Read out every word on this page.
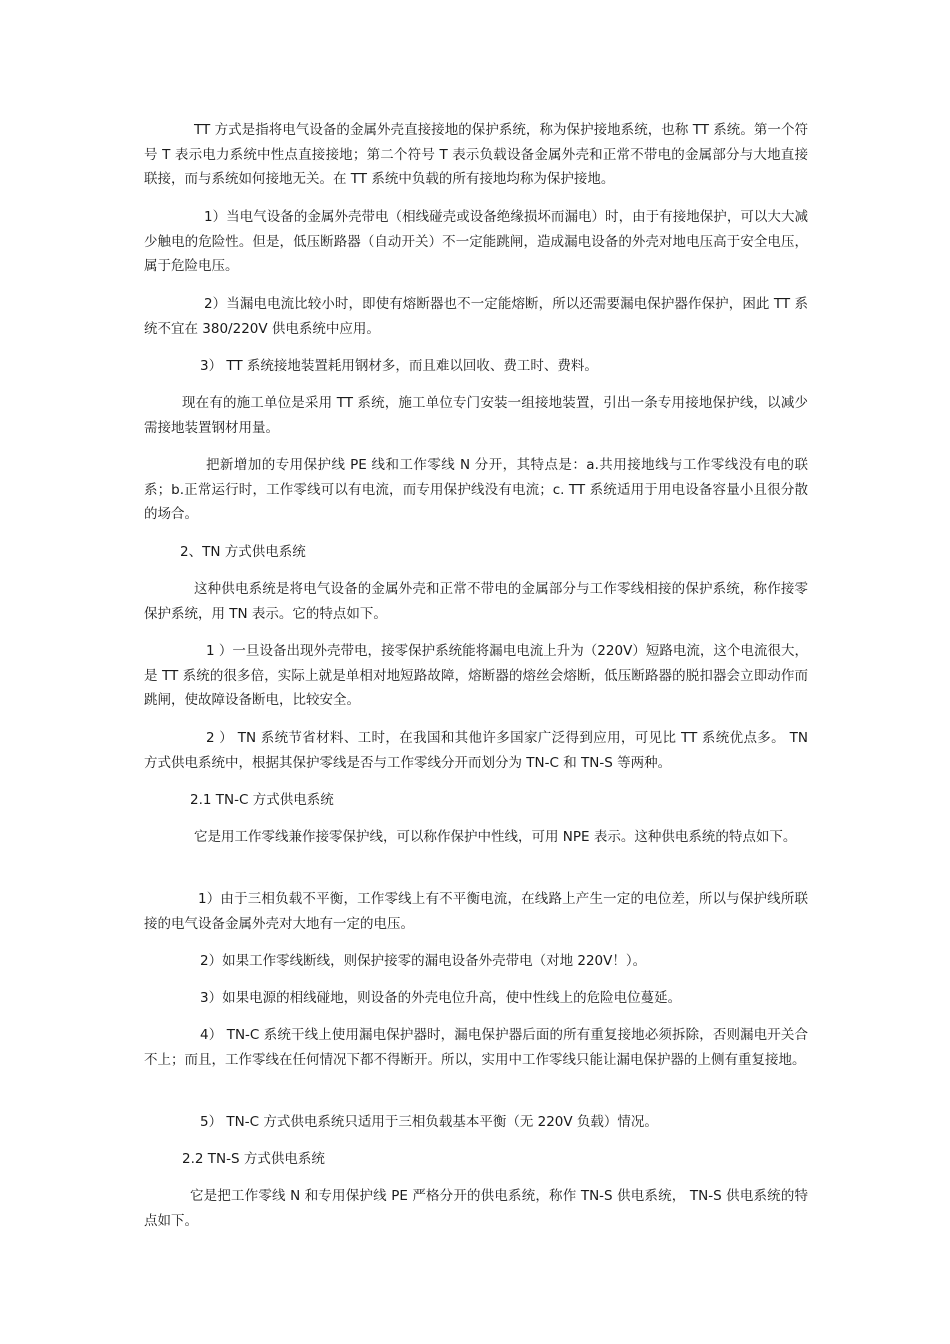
TT 方式是指将电气设备的金属外壳直接接地的保护系统，称为保护接地系统，也称 TT 系统。第一个符号 T 表示电力系统中性点直接接地；第二个符号 T 表示负载设备金属外壳和正常不带电的金属部分与大地直接联接，而与系统如何接地无关。在 TT 系统中负载的所有接地均称为保护接地。

1）当电气设备的金属外壳带电（相线碰壳或设备绝缘损坏而漏电）时，由于有接地保护，可以大大减少触电的危险性。但是，低压断路器（自动开关）不一定能跳闸，造成漏电设备的外壳对地电压高于安全电压，属于危险电压。

2）当漏电电流比较小时，即使有熔断器也不一定能熔断，所以还需要漏电保护器作保护，困此 TT 系统不宜在 380/220V 供电系统中应用。

3） TT 系统接地装置耗用钢材多，而且难以回收、费工时、费料。

现在有的施工单位是采用 TT 系统，施工单位专门安装一组接地装置，引出一条专用接地保护线，以减少需接地装置钢材用量。

把新增加的专用保护线 PE 线和工作零线 N 分开，其特点是：a.共用接地线与工作零线没有电的联系；b.正常运行时，工作零线可以有电流，而专用保护线没有电流；c. TT 系统适用于用电设备容量小且很分散的场合。

2、TN 方式供电系统

这种供电系统是将电气设备的金属外壳和正常不带电的金属部分与工作零线相接的保护系统，称作接零保护系统，用 TN 表示。它的特点如下。

1 ）一旦设备出现外壳带电，接零保护系统能将漏电电流上升为（220V）短路电流，这个电流很大，是 TT 系统的很多倍，实际上就是单相对地短路故障，熔断器的熔丝会熔断，低压断路器的脱扣器会立即动作而跳闸，使故障设备断电，比较安全。

2 ） TN 系统节省材料、工时，在我国和其他许多国家广泛得到应用，可见比 TT 系统优点多。 TN 方式供电系统中，根据其保护零线是否与工作零线分开而划分为 TN-C 和 TN-S 等两种。

2.1 TN-C 方式供电系统

它是用工作零线兼作接零保护线，可以称作保护中性线，可用 NPE 表示。这种供电系统的特点如下。

1）由于三相负载不平衡，工作零线上有不平衡电流，在线路上产生一定的电位差，所以与保护线所联接的电气设备金属外壳对大地有一定的电压。

2）如果工作零线断线，则保护接零的漏电设备外壳带电（对地 220V！）。

3）如果电源的相线碰地，则设备的外壳电位升高，使中性线上的危险电位蔓延。

4） TN-C 系统干线上使用漏电保护器时，漏电保护器后面的所有重复接地必须拆除，否则漏电开关合不上；而且，工作零线在任何情况下都不得断开。所以，实用中工作零线只能让漏电保护器的上侧有重复接地。

5） TN-C 方式供电系统只适用于三相负载基本平衡（无 220V 负载）情况。

2.2 TN-S 方式供电系统

它是把工作零线 N 和专用保护线 PE 严格分开的供电系统，称作 TN-S 供电系统， TN-S 供电系统的特点如下。
